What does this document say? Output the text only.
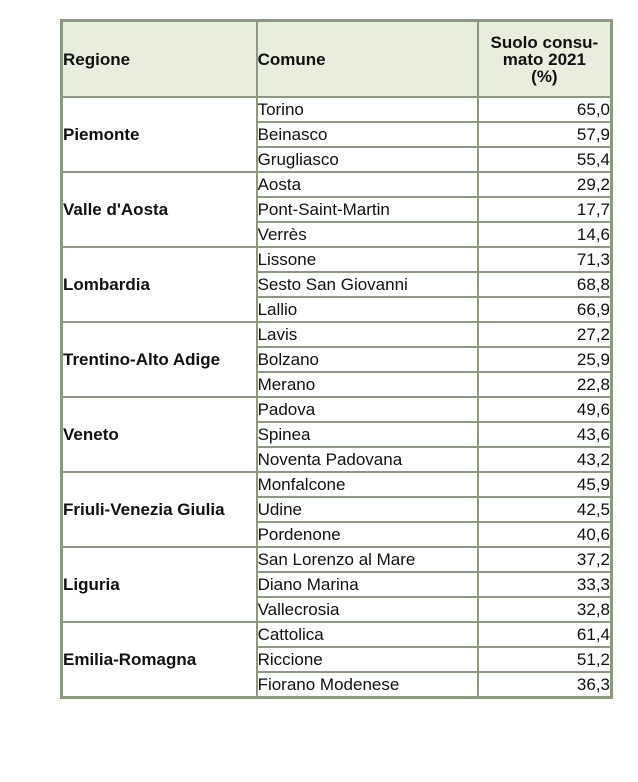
Regione	Comune	Suolo consu-
mato 2021
(%)
Piemonte	Torino	65,0
	Beinasco	57,9
	Grugliasco	55,4
Valle d'Aosta	Aosta	29,2
	Pont-Saint-Martin	17,7
	Verrès	14,6
Lombardia	Lissone	71,3
	Sesto San Giovanni	68,8
	Lallio	66,9
Trentino-Alto Adige	Lavis	27,2
	Bolzano	25,9
	Merano	22,8
Veneto	Padova	49,6
	Spinea	43,6
	Noventa Padovana	43,2
Friuli-Venezia Giulia	Monfalcone	45,9
	Udine	42,5
	Pordenone	40,6
Liguria	San Lorenzo al Mare	37,2
	Diano Marina	33,3
	Vallecrosia	32,8
Emilia-Romagna	Cattolica	61,4
	Riccione	51,2
	Fiorano Modenese	36,3
